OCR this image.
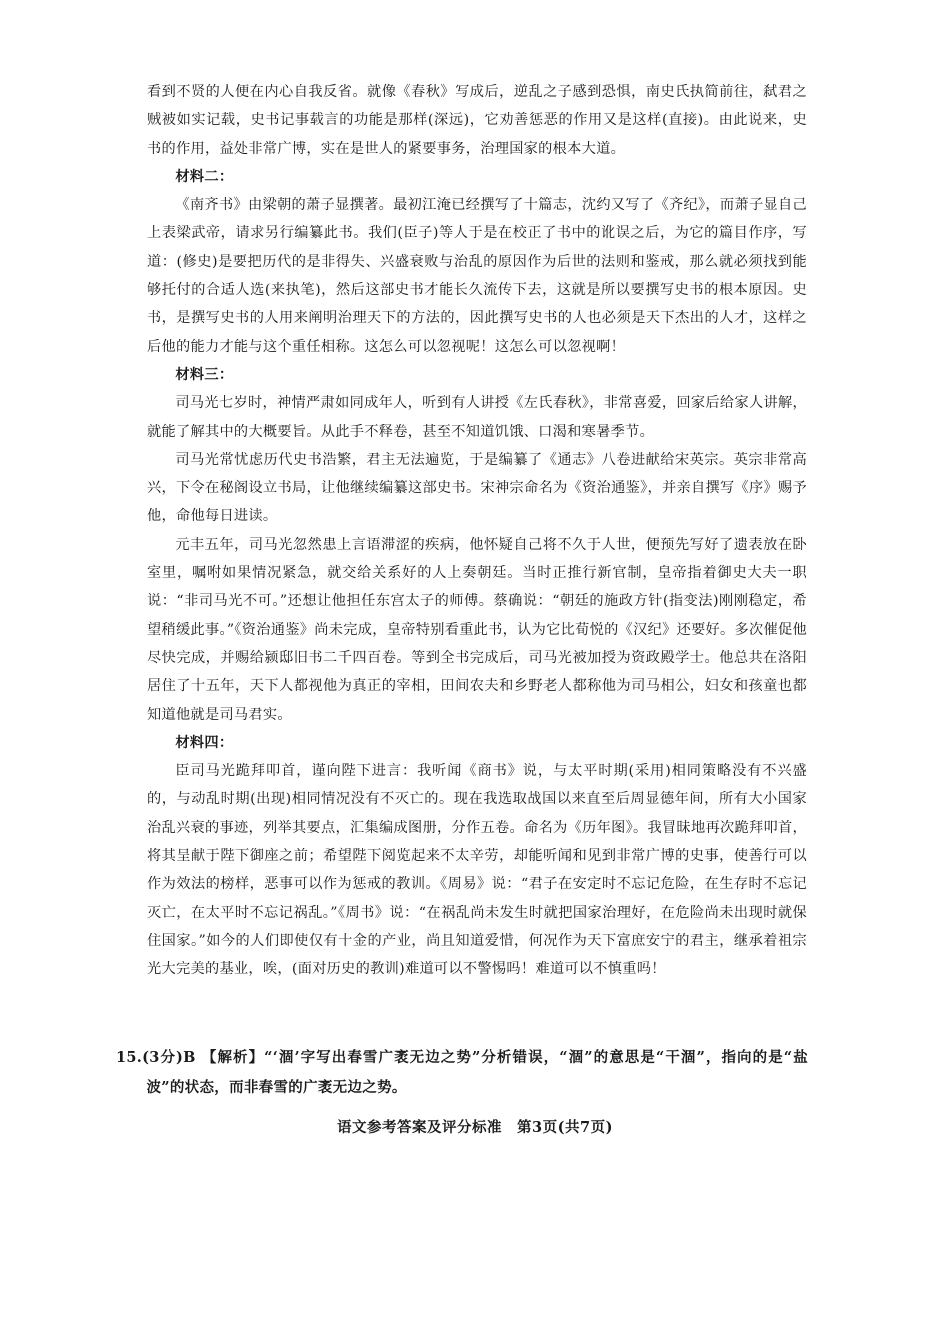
看到不贤的人便在内心自我反省。就像《春秋》写成后，逆乱之子感到恐惧，南史氏执简前往，弑君之贼被如实记载，史书记事载言的功能是那样(深远)，它劝善惩恶的作用又是这样(直接)。由此说来，史书的作用，益处非常广博，实在是世人的紧要事务，治理国家的根本大道。

材料二：

《南齐书》由梁朝的萧子显撰著。最初江淹已经撰写了十篇志，沈约又写了《齐纪》，而萧子显自己上表梁武帝，请求另行编纂此书。我们(臣子)等人于是在校正了书中的讹误之后，为它的篇目作序，写道：(修史)是要把历代的是非得失、兴盛衰败与治乱的原因作为后世的法则和鉴戒，那么就必须找到能够托付的合适人选(来执笔)，然后这部史书才能长久流传下去，这就是所以要撰写史书的根本原因。史书，是撰写史书的人用来阐明治理天下的方法的，因此撰写史书的人也必须是天下杰出的人才，这样之后他的能力才能与这个重任相称。这怎么可以忽视呢！这怎么可以忽视啊！

材料三：

司马光七岁时，神情严肃如同成年人，听到有人讲授《左氏春秋》，非常喜爱，回家后给家人讲解，就能了解其中的大概要旨。从此手不释卷，甚至不知道饥饿、口渴和寒暑季节。

司马光常忧虑历代史书浩繁，君主无法遍览，于是编纂了《通志》八卷进献给宋英宗。英宗非常高兴，下令在秘阁设立书局，让他继续编纂这部史书。宋神宗命名为《资治通鉴》，并亲自撰写《序》赐予他，命他每日进读。

元丰五年，司马光忽然患上言语滞涩的疾病，他怀疑自己将不久于人世，便预先写好了遗表放在卧室里，嘱咐如果情况紧急，就交给关系好的人上奏朝廷。当时正推行新官制，皇帝指着御史大夫一职说：“非司马光不可。”还想让他担任东宫太子的师傅。蔡确说：“朝廷的施政方针(指变法)刚刚稳定，希望稍缓此事。”《资治通鉴》尚未完成，皇帝特别看重此书，认为它比荀悦的《汉纪》还要好。多次催促他尽快完成，并赐给颍邸旧书二千四百卷。等到全书完成后，司马光被加授为资政殿学士。他总共在洛阳居住了十五年，天下人都视他为真正的宰相，田间农夫和乡野老人都称他为司马相公，妇女和孩童也都知道他就是司马君实。

材料四：

臣司马光跪拜叩首，谨向陛下进言：我听闻《商书》说，与太平时期(采用)相同策略没有不兴盛的，与动乱时期(出现)相同情况没有不灭亡的。现在我选取战国以来直至后周显德年间，所有大小国家治乱兴衰的事迹，列举其要点，汇集编成图册，分作五卷。命名为《历年图》。我冒昧地再次跪拜叩首，将其呈献于陛下御座之前；希望陛下阅览起来不太辛劳，却能听闻和见到非常广博的史事，使善行可以作为效法的榜样，恶事可以作为惩戒的教训。《周易》说：“君子在安定时不忘记危险，在生存时不忘记灭亡，在太平时不忘记祸乱。”《周书》说：“在祸乱尚未发生时就把国家治理好，在危险尚未出现时就保住国家。”如今的人们即使仅有十金的产业，尚且知道爱惜，何况作为天下富庶安宁的君主，继承着祖宗光大完美的基业，唉，(面对历史的教训)难道可以不警惕吗！难道可以不慎重吗！

15.(3分)B 【解析】“‘涸’字写出春雪广袤无边之势”分析错误，“涸”的意思是“干涸”，指向的是“盐波”的状态，而非春雪的广袤无边之势。

语文参考答案及评分标准　第3页(共7页)
